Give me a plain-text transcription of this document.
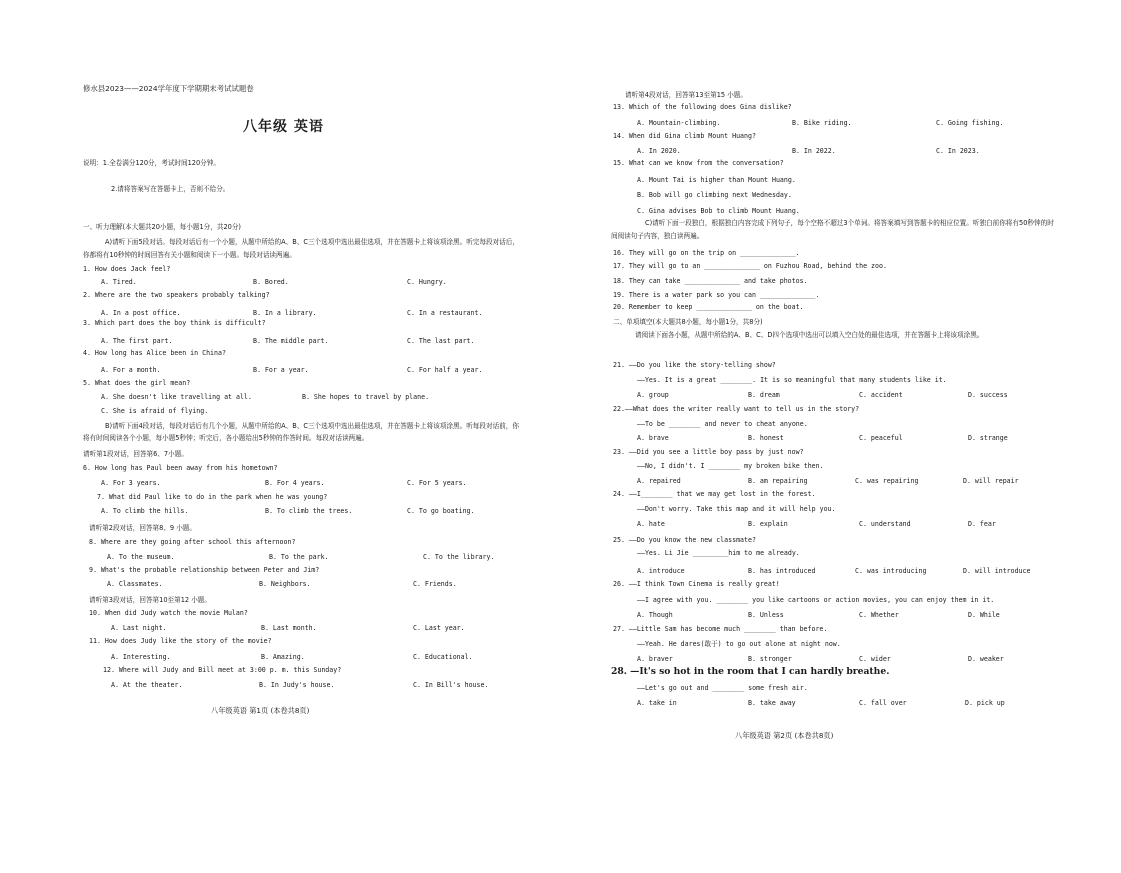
修水县2023——2024学年度下学期期末考试试题卷
八年级 英语
说明：1.全卷满分120分，考试时间120分钟。
2.请将答案写在答题卡上，否则不给分。
一、听力理解(本大题共20小题，每小题1分，共20分)
A)请听下面5段对话。每段对话后有一个小题，从题中所给的A、B、C三个选项中选出最佳选项，并在答题卡上将该项涂黑。听完每段对话后，你都将有10秒钟的时间回答有关小题和阅读下一小题。每段对话读两遍。
1. How does Jack feel?
A. Tired.	B. Bored.	C. Hungry.
2. Where are the two speakers probably talking?
A. In a post office.	B. In a library.	C. In a restaurant.
3. Which part does the boy think is difficult?
A. The first part.	B. The middle part.	C. The last part.
4. How long has Alice been in China?
A. For a month.	B. For a year.	C. For half a year.
5. What does the girl mean?
A. She doesn't like travelling at all.	B. She hopes to travel by plane.
C. She is afraid of flying.
B)请听下面4段对话，每段对话后有几个小题，从题中所给的A、B、C三个选项中选出最佳选项，并在答题卡上将该项涂黑。听每段对话前，你将有时间阅读各个小题，每小题5秒钟；听完后，各小题给出5秒钟的作答时间。每段对话读两遍。
请听第1段对话，回答第6、7小题。
6. How long has Paul been away from his hometown?
A. For 3 years.	B. For 4 years.	C. For 5 years.
7. What did Paul like to do in the park when he was young?
A. To climb the hills.	B. To climb the trees.	C. To go boating.
请听第2段对话，回答第8、9 小题。
8. Where are they going after school this afternoon?
A. To the museum.	B. To the park.	C. To the library.
9. What's the probable relationship between Peter and Jim?
A. Classmates.	B. Neighbors.	C. Friends.
请听第3段对话，回答第10至第12 小题。
10. When did Judy watch the movie Mulan?
A. Last night.	B. Last month.	C. Last year.
11. How does Judy like the story of the movie?
A. Interesting.	B. Amazing.	C. Educational.
12. Where will Judy and Bill meet at 3:00 p. m. this Sunday?
A. At the theater.	B. In Judy's house.	C. In Bill's house.
八年级英语 第1页 (本卷共8页)
请听第4段对话，回答第13至第15 小题。
13. Which of the following does Gina dislike?
A. Mountain-climbing.	B. Bike riding.	C. Going fishing.
14. When did Gina climb Mount Huang?
A. In 2020.	B. In 2022.	C. In 2023.
15. What can we know from the conversation?
A. Mount Tai is higher than Mount Huang.
B. Bob will go climbing next Wednesday.
C. Gina advises Bob to climb Mount Huang.
C)请听下面一段独白，根据独白内容完成下列句子，每个空格不超过3个单词。将答案填写到答题卡的相应位置。听独白前你将有50秒钟的时间阅读句子内容，独白读两遍。
16. They will go on the trip on ______________.
17. They will go to an ______________ on Fuzhou Road, behind the zoo.
18. They can take ______________ and take photos.
19. There is a water park so you can ______________.
20. Remember to keep ______________ on the boat.
二、单项填空(本大题共8小题，每小题1分，共8分)
请阅读下面各小题，从题中所给的A、B、C、D四个选项中选出可以填入空白处的最佳选项，并在答题卡上将该项涂黑。
21. ——Do you like the story-telling show?
——Yes. It is a great ________. It is so meaningful that many students like it.
A. group	B. dream	C. accident	D. success
22.——What does the writer really want to tell us in the story?
——To be ________ and never to cheat anyone.
A. brave	B. honest	C. peaceful	D. strange
23. ——Did you see a little boy pass by just now?
——No, I didn't. I ________ my broken bike then.
A. repaired	B. am repairing	C. was repairing	D. will repair
24. ——I________ that we may get lost in the forest.
——Don't worry. Take this map and it will help you.
A. hate	B. explain	C. understand	D. fear
25. ——Do you know the new classmate?
——Yes. Li Jie _________him to me already.
A. introduce	B. has introduced	C. was introducing	D. will introduce
26. ——I think Town Cinema is really great!
——I agree with you. ________ you like cartoons or action movies, you can enjoy them in it.
A. Though	B. Unless	C. Whether	D. While
27. ——Little Sam has become much ________ than before.
——Yeah. He dares(敢于) to go out alone at night now.
A. braver	B. stronger	C. wider	D. weaker
28. —It's so hot in the room that I can hardly breathe.
——Let's go out and ________ some fresh air.
A. take in	B. take away	C. fall over	D. pick up
八年级英语 第2页 (本卷共8页)
